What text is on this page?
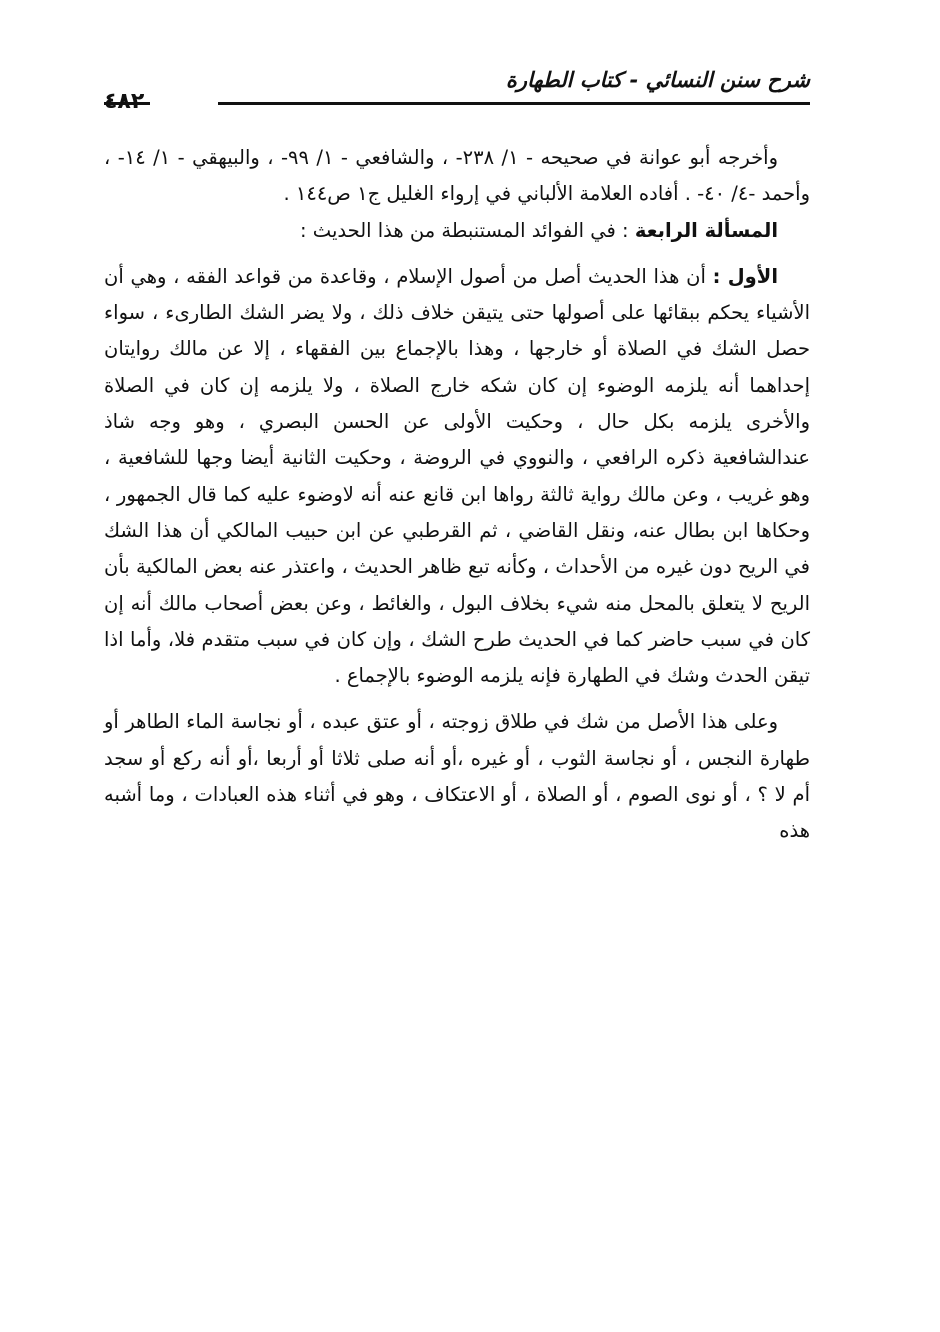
شرح سنن النسائي - كتاب الطهارة
٤٨٢

وأخرجه أبو عوانة في صحيحه - ١/ ٢٣٨- ، والشافعي - ١/ ٩٩- ، والبيهقي - ١/ ١٤- ، وأحمد -٤/ ٤٠- . أفاده العلامة الألباني في إرواء الغليل ج١ ص١٤٤ .

المسألة الرابعة : في الفوائد المستنبطة من هذا الحديث :

الأول : أن هذا الحديث أصل من أصول الإسلام ، وقاعدة من قواعد الفقه ، وهي أن الأشياء يحكم ببقائها على أصولها حتى يتيقن خلاف ذلك ، ولا يضر الشك الطارىء ، سواء حصل الشك في الصلاة أو خارجها ، وهذا بالإجماع بين الفقهاء ، إلا عن مالك روايتان إحداهما أنه يلزمه الوضوء إن كان شكه خارج الصلاة ، ولا يلزمه إن كان في الصلاة والأخرى يلزمه بكل حال ، وحكيت الأولى عن الحسن البصري ، وهو وجه شاذ عندالشافعية ذكره الرافعي ، والنووي في الروضة ، وحكيت الثانية أيضا وجها للشافعية ، وهو غريب ، وعن مالك رواية ثالثة رواها ابن قانع عنه أنه لاوضوء عليه كما قال الجمهور ، وحكاها ابن بطال عنه، ونقل القاضي ، ثم القرطبي عن ابن حبيب المالكي أن هذا الشك في الريح دون غيره من الأحداث ، وكأنه تبع ظاهر الحديث ، واعتذر عنه بعض المالكية بأن الريح لا يتعلق بالمحل منه شيء بخلاف البول ، والغائط ، وعن بعض أصحاب مالك أنه إن كان في سبب حاضر كما في الحديث طرح الشك ، وإن كان في سبب متقدم فلا، وأما اذا تيقن الحدث وشك في الطهارة فإنه يلزمه الوضوء بالإجماع .

وعلى هذا الأصل من شك في طلاق زوجته ، أو عتق عبده ، أو نجاسة الماء الطاهر أو طهارة النجس ، أو نجاسة الثوب ، أو غيره ،أو أنه صلى ثلاثا أو أربعا ،أو أنه ركع أو سجد أم لا ؟ ، أو نوى الصوم ، أو الصلاة ، أو الاعتكاف ، وهو في أثناء هذه العبادات ، وما أشبه هذه
